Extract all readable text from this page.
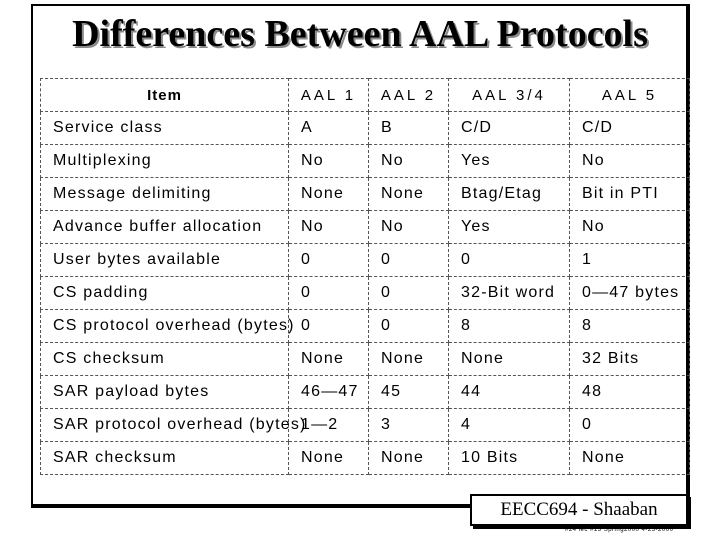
Differences Between AAL Protocols
Item	AAL 1	AAL 2	AAL 3/4	AAL 5
Service class	A	B	C/D	C/D
Multiplexing	No	No	Yes	No
Message delimiting	None	None	Btag/Etag	Bit in PTI
Advance buffer allocation	No	No	Yes	No
User bytes available	0	0	0	1
CS padding	0	0	32-Bit word	0—47 bytes
CS protocol overhead (bytes)	0	0	8	8
CS checksum	None	None	None	32 Bits
SAR payload bytes	46—47	45	44	48
SAR protocol overhead (bytes)	1—2	3	4	0
SAR checksum	None	None	10 Bits	None
EECC694 - Shaaban
#24 lec #13 Spring2000 4-25-2000
